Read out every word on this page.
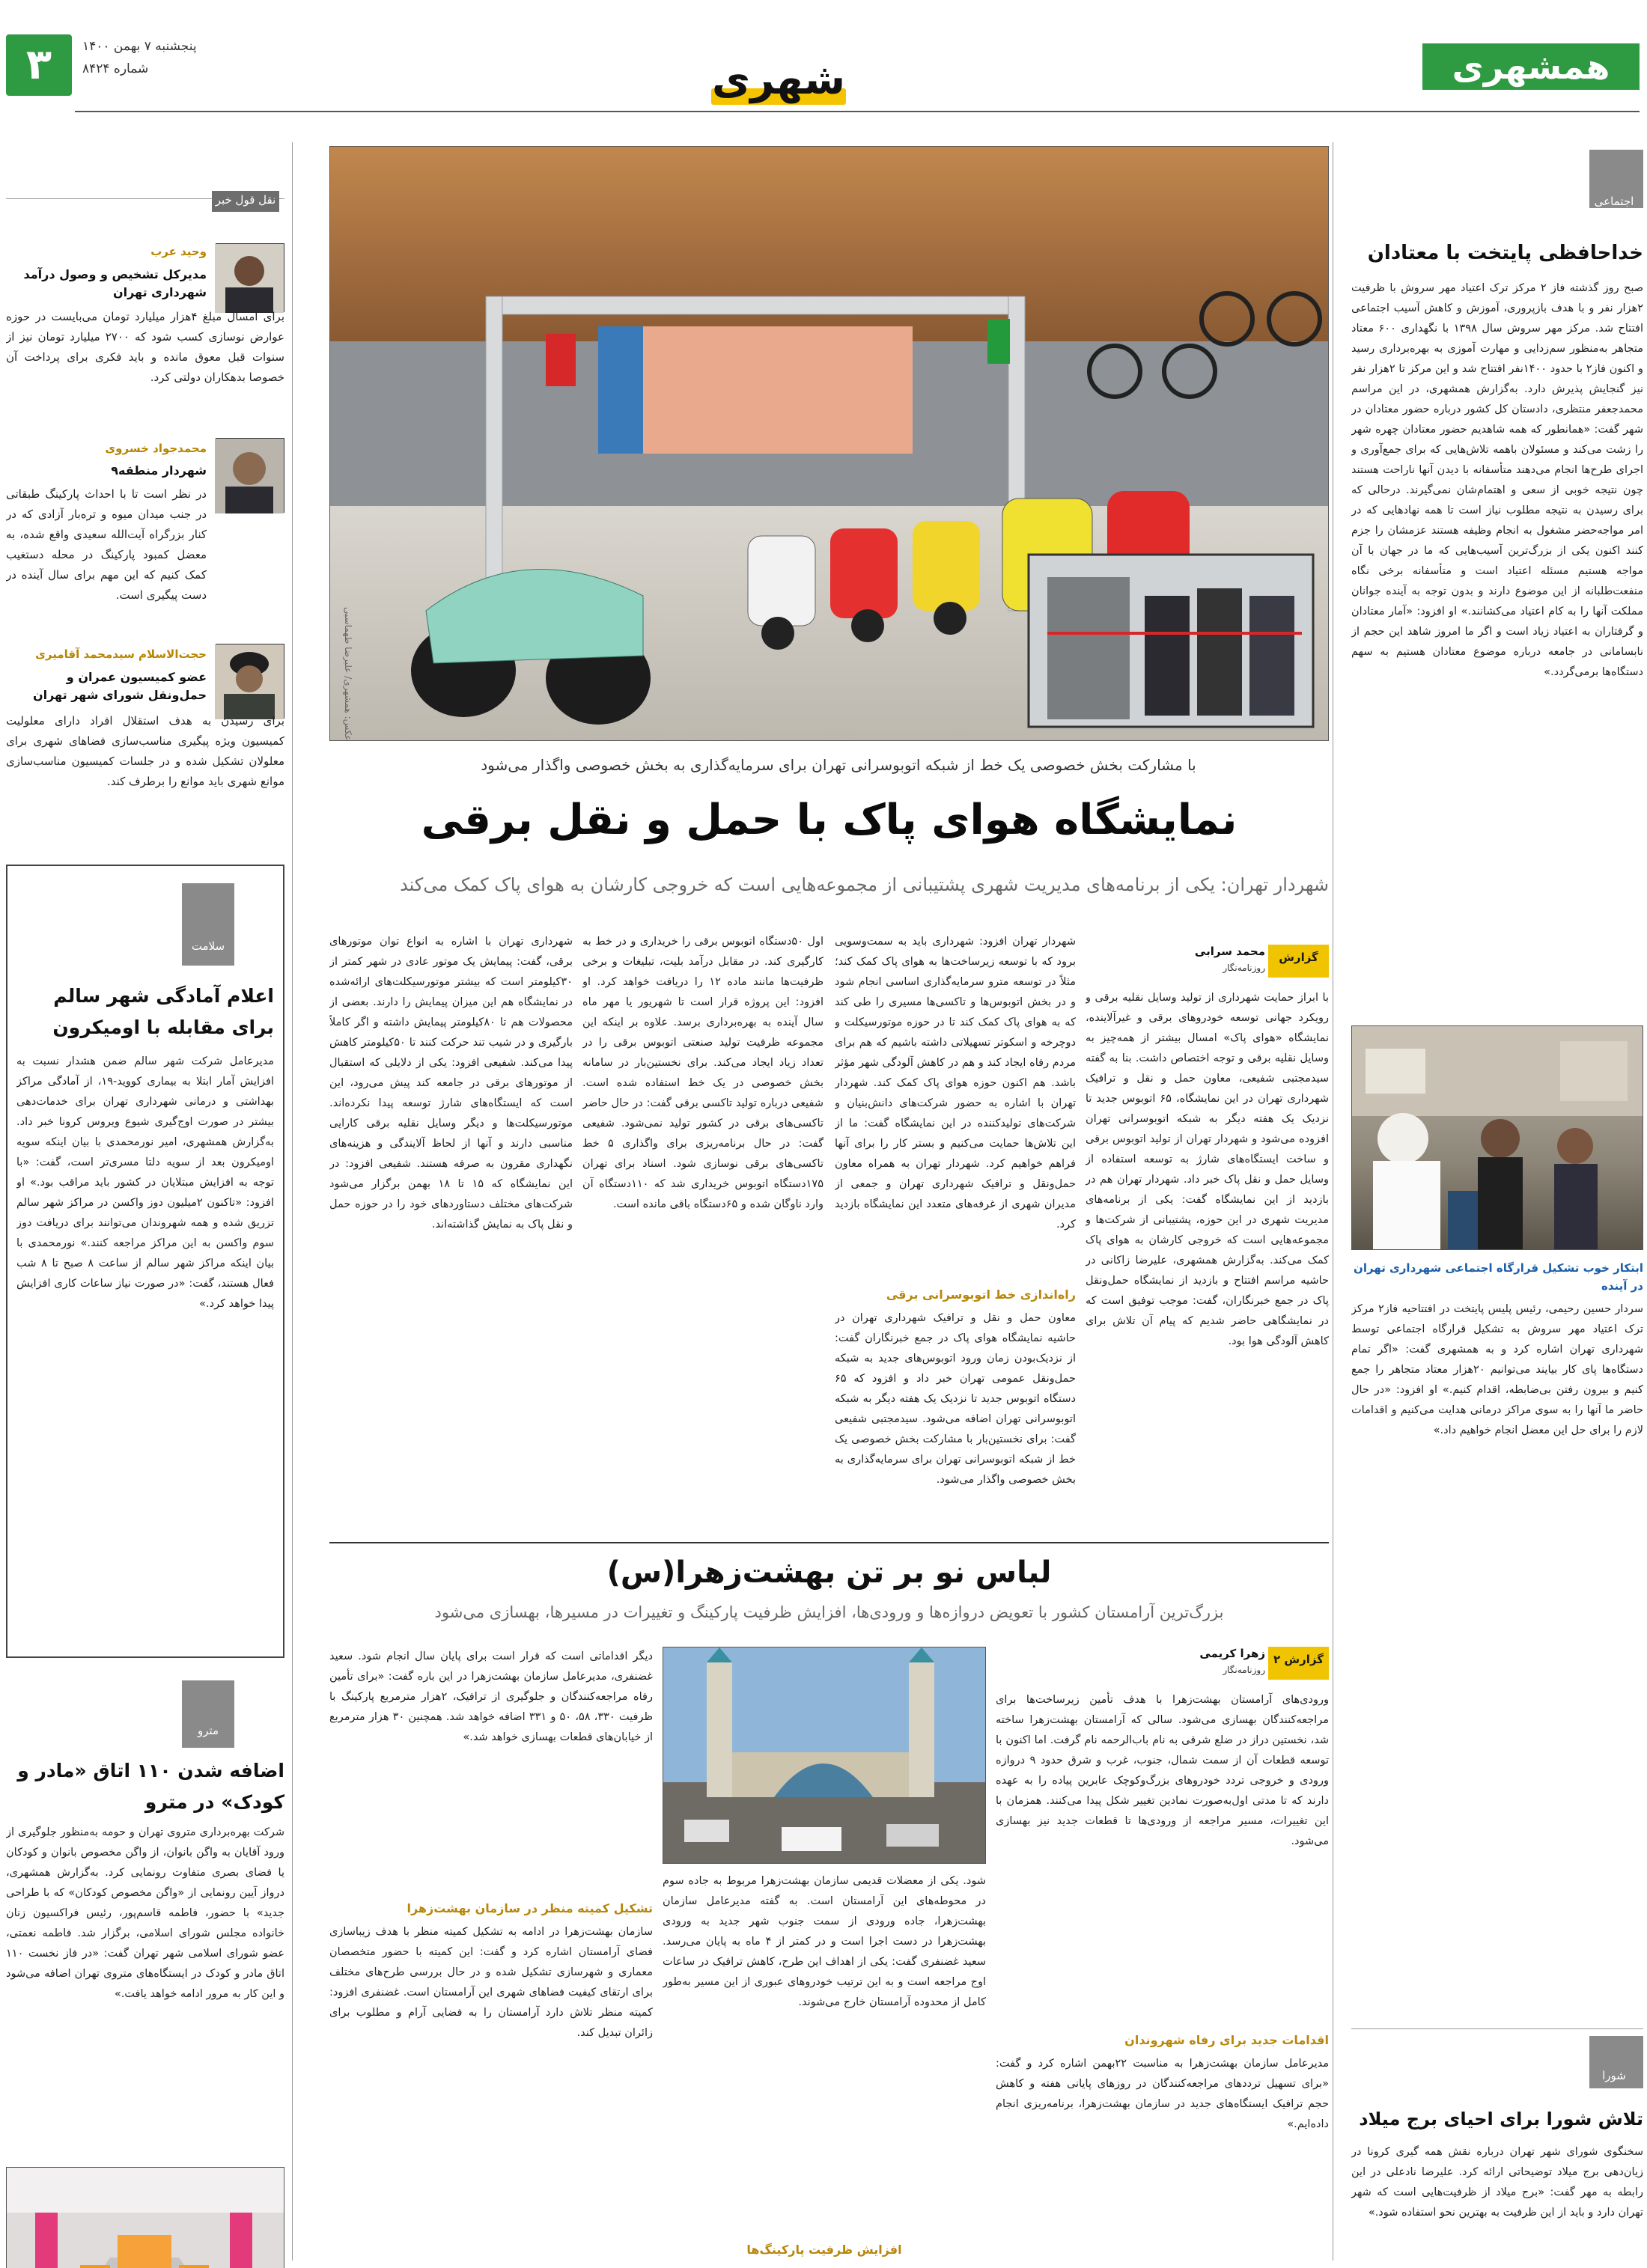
۳	پنجشنبه ۷ بهمن ۱۴۰۰
شماره ۸۴۲۴	شهری	همشهری
اجتماعی
خداحافظی پایتخت با معتادان
صبح روز گذشته فاز ۲ مرکز ترک اعتیاد مهر سروش با ظرفیت ۲هزار نفر و با هدف بازپروری، آموزش و کاهش آسیب اجتماعی افتتاح شد. مرکز مهر سروش سال ۱۳۹۸ با نگهداری ۶۰۰ معتاد متجاهر به‌منظور سم‌زدایی و مهارت آموزی به بهره‌برداری رسید و اکنون فاز۲ با حدود ۱۴۰۰نفر افتتاح شد و این مرکز تا ۲هزار نفر نیز گنجایش پذیرش دارد. به‌گزارش همشهری، در این مراسم محمدجعفر منتظری، دادستان کل کشور درباره حضور معتادان در شهر گفت: «همانطور که همه شاهدیم حضور معتادان چهره شهر را زشت می‌کند و مسئولان باهمه تلاش‌هایی که برای جمع‌آوری و اجرای طرح‌ها انجام می‌دهند متأسفانه با دیدن آنها ناراحت هستند چون نتیجه خوبی از سعی و اهتمام‌شان نمی‌گیرند. درحالی که برای رسیدن به نتیجه مطلوب نیاز است تا همه نهادهایی که در امر مواجه‌حضر مشغول به انجام وظیفه هستند عزمشان را جزم کنند اکنون یکی از بزرگ‌ترین آسیب‌هایی که ما در جهان با آن مواجه هستیم مسئله اعتیاد است و متأسفانه برخی نگاه منفعت‌طلبانه از این موضوع دارند و بدون توجه به آینده جوانان مملکت آنها را به کام اعتیاد می‌کشانند.» او افزود: «آمار معتادان و گرفتاران به اعتیاد زیاد است و اگر ما امروز شاهد این حجم از نابسامانی در جامعه درباره موضوع معتادان هستیم به سهم دستگاه‌ها برمی‌گردد.»
ابتکار خوب تشکیل قرارگاه اجتماعی شهرداری تهران در آینده
سردار حسین رحیمی، رئیس پلیس پایتخت در افتتاحیه فاز۲ مرکز ترک اعتیاد مهر سروش به تشکیل قرارگاه اجتماعی توسط شهرداری تهران اشاره کرد و به همشهری گفت: «اگر تمام دستگاه‌ها پای کار بیایند می‌توانیم ۲۰هزار معتاد متجاهر را جمع کنیم و بیرون رفتن بی‌ضابطه، اقدام کنیم.» او افزود: «در حال حاضر ما آنها را به سوی مراکز درمانی هدایت می‌کنیم و اقدامات لازم را برای حل این معضل انجام خواهیم داد.»
شورا
تلاش شورا برای احیای برج میلاد
سخنگوی شورای شهر تهران درباره نقش همه گیری کرونا در زیان‌دهی برج میلاد توضیحاتی ارائه کرد. علیرضا نادعلی در این رابطه به مهر گفت: «برج میلاد از ظرفیت‌هایی است که شهر تهران دارد و باید از این ظرفیت به بهترین نحو استفاده شود.»
عکس: همشهری/ علیرضا طهماسبی
با مشارکت بخش خصوصی یک خط از شبکه اتوبوسرانی تهران برای سرمایه‌گذاری به بخش خصوصی واگذار می‌شود
نمایشگاه هوای پاک با حمل و نقل برقی
شهردار تهران: یکی از برنامه‌های مدیریت شهری پشتیبانی از مجموعه‌هایی است که خروجی کارشان به هوای پاک کمک می‌کند
گزارش
محمد سرابی
روزنامه‌نگار
با ابراز حمایت شهرداری از تولید وسایل نقلیه برقی و رویکرد جهانی توسعه خودروهای برقی و غیرآلاینده، نمایشگاه «هوای پاک» امسال بیشتر از همه‌چیز به وسایل نقلیه برقی و توجه اختصاص داشت. بنا به گفته سیدمجتبی شفیعی، معاون حمل و نقل و ترافیک شهرداری تهران در این نمایشگاه، ۶۵ اتوبوس جدید تا نزدیک یک هفته دیگر به شبکه اتوبوسرانی تهران افزوده می‌شود و شهردار تهران از تولید اتوبوس برقی و ساخت ایستگاه‌های شارژ به توسعه استفاده از وسایل حمل و نقل پاک خبر داد. شهردار تهران هم در بازدید از این نمایشگاه گفت: یکی از برنامه‌های مدیریت شهری در این حوزه، پشتیبانی از شرکت‌ها و مجموعه‌هایی است که خروجی کارشان به هوای پاک کمک می‌کند. به‌گزارش همشهری، علیرضا زاکانی در حاشیه مراسم افتتاح و بازدید از نمایشگاه حمل‌ونقل پاک در جمع خبرنگاران، گفت: موجب توفیق است که در نمایشگاهی حاضر شدیم که پیام آن تلاش برای کاهش آلودگی هوا بود.
شهردار تهران افزود: شهرداری باید به سمت‌وسویی برود که با توسعه زیرساخت‌ها به هوای پاک کمک کند؛ مثلاً در توسعه مترو سرمایه‌گذاری اساسی انجام شود و در بخش اتوبوس‌ها و تاکسی‌ها مسیری را طی کند که به هوای پاک کمک کند تا در حوزه موتورسیکلت و دوچرخه و اسکوتر تسهیلاتی داشته باشیم که هم برای مردم رفاه ایجاد کند و هم در کاهش آلودگی شهر مؤثر باشد. هم اکنون حوزه هوای پاک کمک کند. شهردار تهران با اشاره به حضور شرکت‌های دانش‌بنیان و شرکت‌های تولیدکننده در این نمایشگاه گفت: ما از این تلاش‌ها حمایت می‌کنیم و بستر کار را برای آنها فراهم خواهیم کرد. شهردار تهران به همراه معاون حمل‌ونقل و ترافیک شهرداری تهران و جمعی از مدیران شهری از غرفه‌های متعدد این نمایشگاه بازدید کرد.
راه‌اندازی خط اتوبوسرانی برقی
معاون حمل و نقل و ترافیک شهرداری تهران در حاشیه نمایشگاه هوای پاک در جمع خبرنگاران گفت: از نزدیک‌بودن زمان ورود اتوبوس‌های جدید به شبکه حمل‌ونقل عمومی تهران خبر داد و افزود که ۶۵ دستگاه اتوبوس جدید تا نزدیک یک هفته دیگر به شبکه اتوبوسرانی تهران اضافه می‌شود. سیدمجتبی شفیعی گفت: برای نخستین‌بار با مشارکت بخش خصوصی یک خط از شبکه اتوبوسرانی تهران برای سرمایه‌گذاری به بخش خصوصی واگذار می‌شود.
اول ۵۰دستگاه اتوبوس برقی را خریداری و در خط به کارگیری کند. در مقابل درآمد بلیت، تبلیغات و برخی ظرفیت‌ها مانند ماده ۱۲ را دریافت خواهد کرد. او افزود: این پروژه قرار است تا شهریور یا مهر ماه سال آینده به بهره‌برداری برسد. علاوه بر اینکه این مجموعه ظرفیت تولید صنعتی اتوبوس برقی را در تعداد زیاد ایجاد می‌کند. برای نخستین‌بار در سامانه بخش خصوصی در یک خط استفاده شده است. شفیعی درباره تولید تاکسی برقی گفت: در حال حاضر تاکسی‌های برقی در کشور تولید نمی‌شود. شفیعی گفت: در حال برنامه‌ریزی برای واگذاری ۵ خط تاکسی‌های برقی نوسازی شود. اسناد برای تهران ۱۷۵دستگاه اتوبوس خریداری شد که ۱۱۰دستگاه آن وارد ناوگان شده و ۶۵دستگاه باقی مانده است.
شهرداری تهران با اشاره به انواع توان موتورهای برقی، گفت: پیمایش یک موتور عادی در شهر کمتر از ۳۰کیلومتر است که بیشتر موتورسیکلت‌های ارائه‌شده در نمایشگاه هم این میزان پیمایش را دارند. بعضی از محصولات هم تا ۸۰کیلومتر پیمایش داشته و اگر کاملاً بارگیری و در شیب تند حرکت کنند تا ۵۰کیلومتر کاهش پیدا می‌کند. شفیعی افزود: یکی از دلایلی که استقبال از موتورهای برقی در جامعه کند پیش می‌رود، این است که ایستگاه‌های شارژ توسعه پیدا نکرده‌اند. موتورسیکلت‌ها و دیگر وسایل نقلیه برقی کارایی مناسبی دارند و آنها از لحاظ آلایندگی و هزینه‌های نگهداری مقرون به صرفه هستند. شفیعی افزود: در این نمایشگاه که ۱۵ تا ۱۸ بهمن برگزار می‌شود شرکت‌های مختلف دستاوردهای خود را در حوزه حمل و نقل پاک به نمایش گذاشته‌اند.
لباس نو بر تن بهشت‌زهرا(س)
بزرگ‌ترین آرامستان کشور با تعویض دروازه‌ها و ورودی‌ها، افزایش ظرفیت پارکینگ و تغییرات در مسیرها، بهسازی می‌شود
گزارش ۲
زهرا کریمی
روزنامه‌نگار
ورودی‌های آرامستان بهشت‌زهرا با هدف تأمین زیرساخت‌ها برای مراجعه‌کنندگان بهسازی می‌شود. سالی که آرامستان بهشت‌زهرا ساخته شد، نخستین دراز در ضلع شرقی به نام باب‌الرحمه نام گرفت. اما اکنون با توسعه قطعات آن از سمت شمال، جنوب، غرب و شرق حدود ۹ دروازه ورودی و خروجی تردد خودروهای بزرگ‌وکوچک عابرین پیاده را به عهده دارند که تا مدتی اول‌به‌صورت نمادین تغییر شکل پیدا می‌کنند. همزمان با این تغییرات، مسیر مراجعه از ورودی‌ها تا قطعات جدید نیز بهسازی می‌شود.
اقدامات جدید برای رفاه شهروندان
مدیرعامل سازمان بهشت‌زهرا به مناسبت ۲۲بهمن اشاره کرد و گفت: «برای تسهیل ترددهای مراجعه‌کنندگان در روزهای پایانی هفته و کاهش حجم ترافیک ایستگاه‌های جدید در سازمان بهشت‌زهرا، برنامه‌ریزی انجام داده‌ایم.»
شود. یکی از معضلات قدیمی سازمان بهشت‌زهرا مربوط به جاده سوم در محوطه‌های این آرامستان است. به گفته مدیرعامل سازمان بهشت‌زهرا، جاده ورودی از سمت جنوب شهر جدید به ورودی بهشت‌زهرا در دست اجرا است و در کمتر از ۴ ماه به پایان می‌رسد. سعید غضنفری گفت: یکی از اهداف این طرح، کاهش ترافیک در ساعات اوج مراجعه است و به این ترتیب خودروهای عبوری از این مسیر به‌طور کامل از محدوده آرامستان خارج می‌شوند.
دیگر اقداماتی است که قرار است برای پایان سال انجام شود. سعید غضنفری، مدیرعامل سازمان بهشت‌زهرا در این باره گفت: «برای تأمین رفاه مراجعه‌کنندگان و جلوگیری از ترافیک، ۲هزار مترمربع پارکینگ با ظرفیت ۳۳۰، ۵۸، ۵۰ و ۳۳۱ اضافه خواهد شد. همچنین ۳۰ هزار مترمربع از خیابان‌های قطعات بهسازی خواهد شد.»
تشکیل کمیته منظر در سازمان بهشت‌زهرا
سازمان بهشت‌زهرا در ادامه به تشکیل کمیته منظر با هدف زیباسازی فضای آرامستان اشاره کرد و گفت: این کمیته با حضور متخصصان معماری و شهرسازی تشکیل شده و در حال بررسی طرح‌های مختلف برای ارتقای کیفیت فضاهای شهری این آرامستان است. غضنفری افزود: کمیته منظر تلاش دارد آرامستان را به فضایی آرام و مطلوب برای زائران تبدیل کند.
افزایش ظرفیت پارکینگ‌ها
نقل قول خبر
وحید عرب
مدیرکل تشخیص و وصول درآمد شهرداری تهران
برای امسال مبلغ ۴هزار میلیارد تومان می‌بایست در حوزه عوارض نوسازی کسب شود که ۲۷۰۰ میلیارد تومان نیز از سنوات قبل معوق مانده و باید فکری برای پرداخت آن خصوصا بدهکاران دولتی کرد.
محمدجواد خسروی
شهردار منطقه۹
در نظر است تا با احداث پارکینگ طبقاتی در جنب میدان میوه و تره‌بار آزادی که در کنار بزرگراه آیت‌الله سعیدی واقع شده، به معضل کمبود پارکینگ در محله دستغیب کمک کنیم که این مهم برای سال آینده در دست پیگیری است.
حجت‌الاسلام سیدمحمد آقامیری
عضو کمیسیون عمران و حمل‌ونقل شورای شهر تهران
برای رسیدن به هدف استقلال افراد دارای معلولیت کمیسیون ویژه پیگیری مناسب‌سازی فضاهای شهری برای معلولان تشکیل شده و در جلسات کمیسیون مناسب‌سازی موانع شهری باید موانع را برطرف کند.
سلامت
اعلام آمادگی شهر سالم برای مقابله با اومیکرون
مدیرعامل شرکت شهر سالم ضمن هشدار نسبت به افزایش آمار ابتلا به بیماری کووید-۱۹، از آمادگی مراکز بهداشتی و درمانی شهرداری تهران برای خدمات‌دهی بیشتر در صورت اوج‌گیری شیوع ویروس کرونا خبر داد. به‌گزارش همشهری، امیر نورمحمدی با بیان اینکه سویه اومیکرون بعد از سویه دلتا مسری‌تر است، گفت: «با توجه به افزایش مبتلایان در کشور باید مراقب بود.» او افزود: «تاکنون ۲میلیون دوز واکسن در مراکز شهر سالم تزریق شده و همه شهروندان می‌توانند برای دریافت دوز سوم واکسن به این مراکز مراجعه کنند.» نورمحمدی با بیان اینکه مراکز شهر سالم از ساعت ۸ صبح تا ۸ شب فعال هستند، گفت: «در صورت نیاز ساعات کاری افزایش پیدا خواهد کرد.»
مترو
اضافه شدن ۱۱۰ اتاق «مادر و کودک» در مترو
شرکت بهره‌برداری متروی تهران و حومه به‌منظور جلوگیری از ورود آقایان به واگن بانوان، از واگن مخصوص بانوان و کودکان یا فضای بصری متفاوت رونمایی کرد. به‌گزارش همشهری، درواز آیین رونمایی از «واگن مخصوص کودکان» که با طراحی جدید» با حضور، فاطمه قاسم‌پور، رئیس فراکسیون زنان خانواده مجلس شورای اسلامی، برگزار شد. فاطمه نعمتی، عضو شورای اسلامی شهر تهران گفت: «در فاز نخست ۱۱۰ اتاق مادر و کودک در ایستگاه‌های متروی تهران اضافه می‌شود و این کار به مرور ادامه خواهد یافت.»
